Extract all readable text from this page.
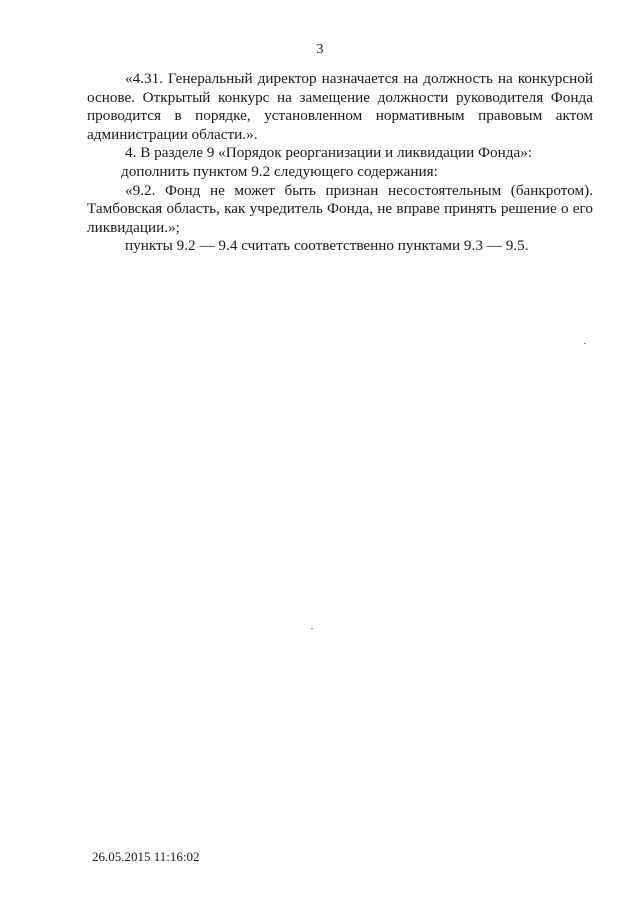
3

«4.31. Генеральный директор назначается на должность на конкурсной основе. Открытый конкурс на замещение должности руководителя Фонда проводится в порядке, установленном нормативным правовым актом администрации области.».

4. В разделе 9 «Порядок реорганизации и ликвидации Фонда»:

дополнить пунктом 9.2 следующего содержания:

«9.2. Фонд не может быть признан несостоятельным (банкротом). Тамбовская область, как учредитель Фонда, не вправе принять решение о его ликвидации.»;

пункты 9.2 — 9.4 считать соответственно пунктами 9.3 — 9.5.

26.05.2015 11:16:02
